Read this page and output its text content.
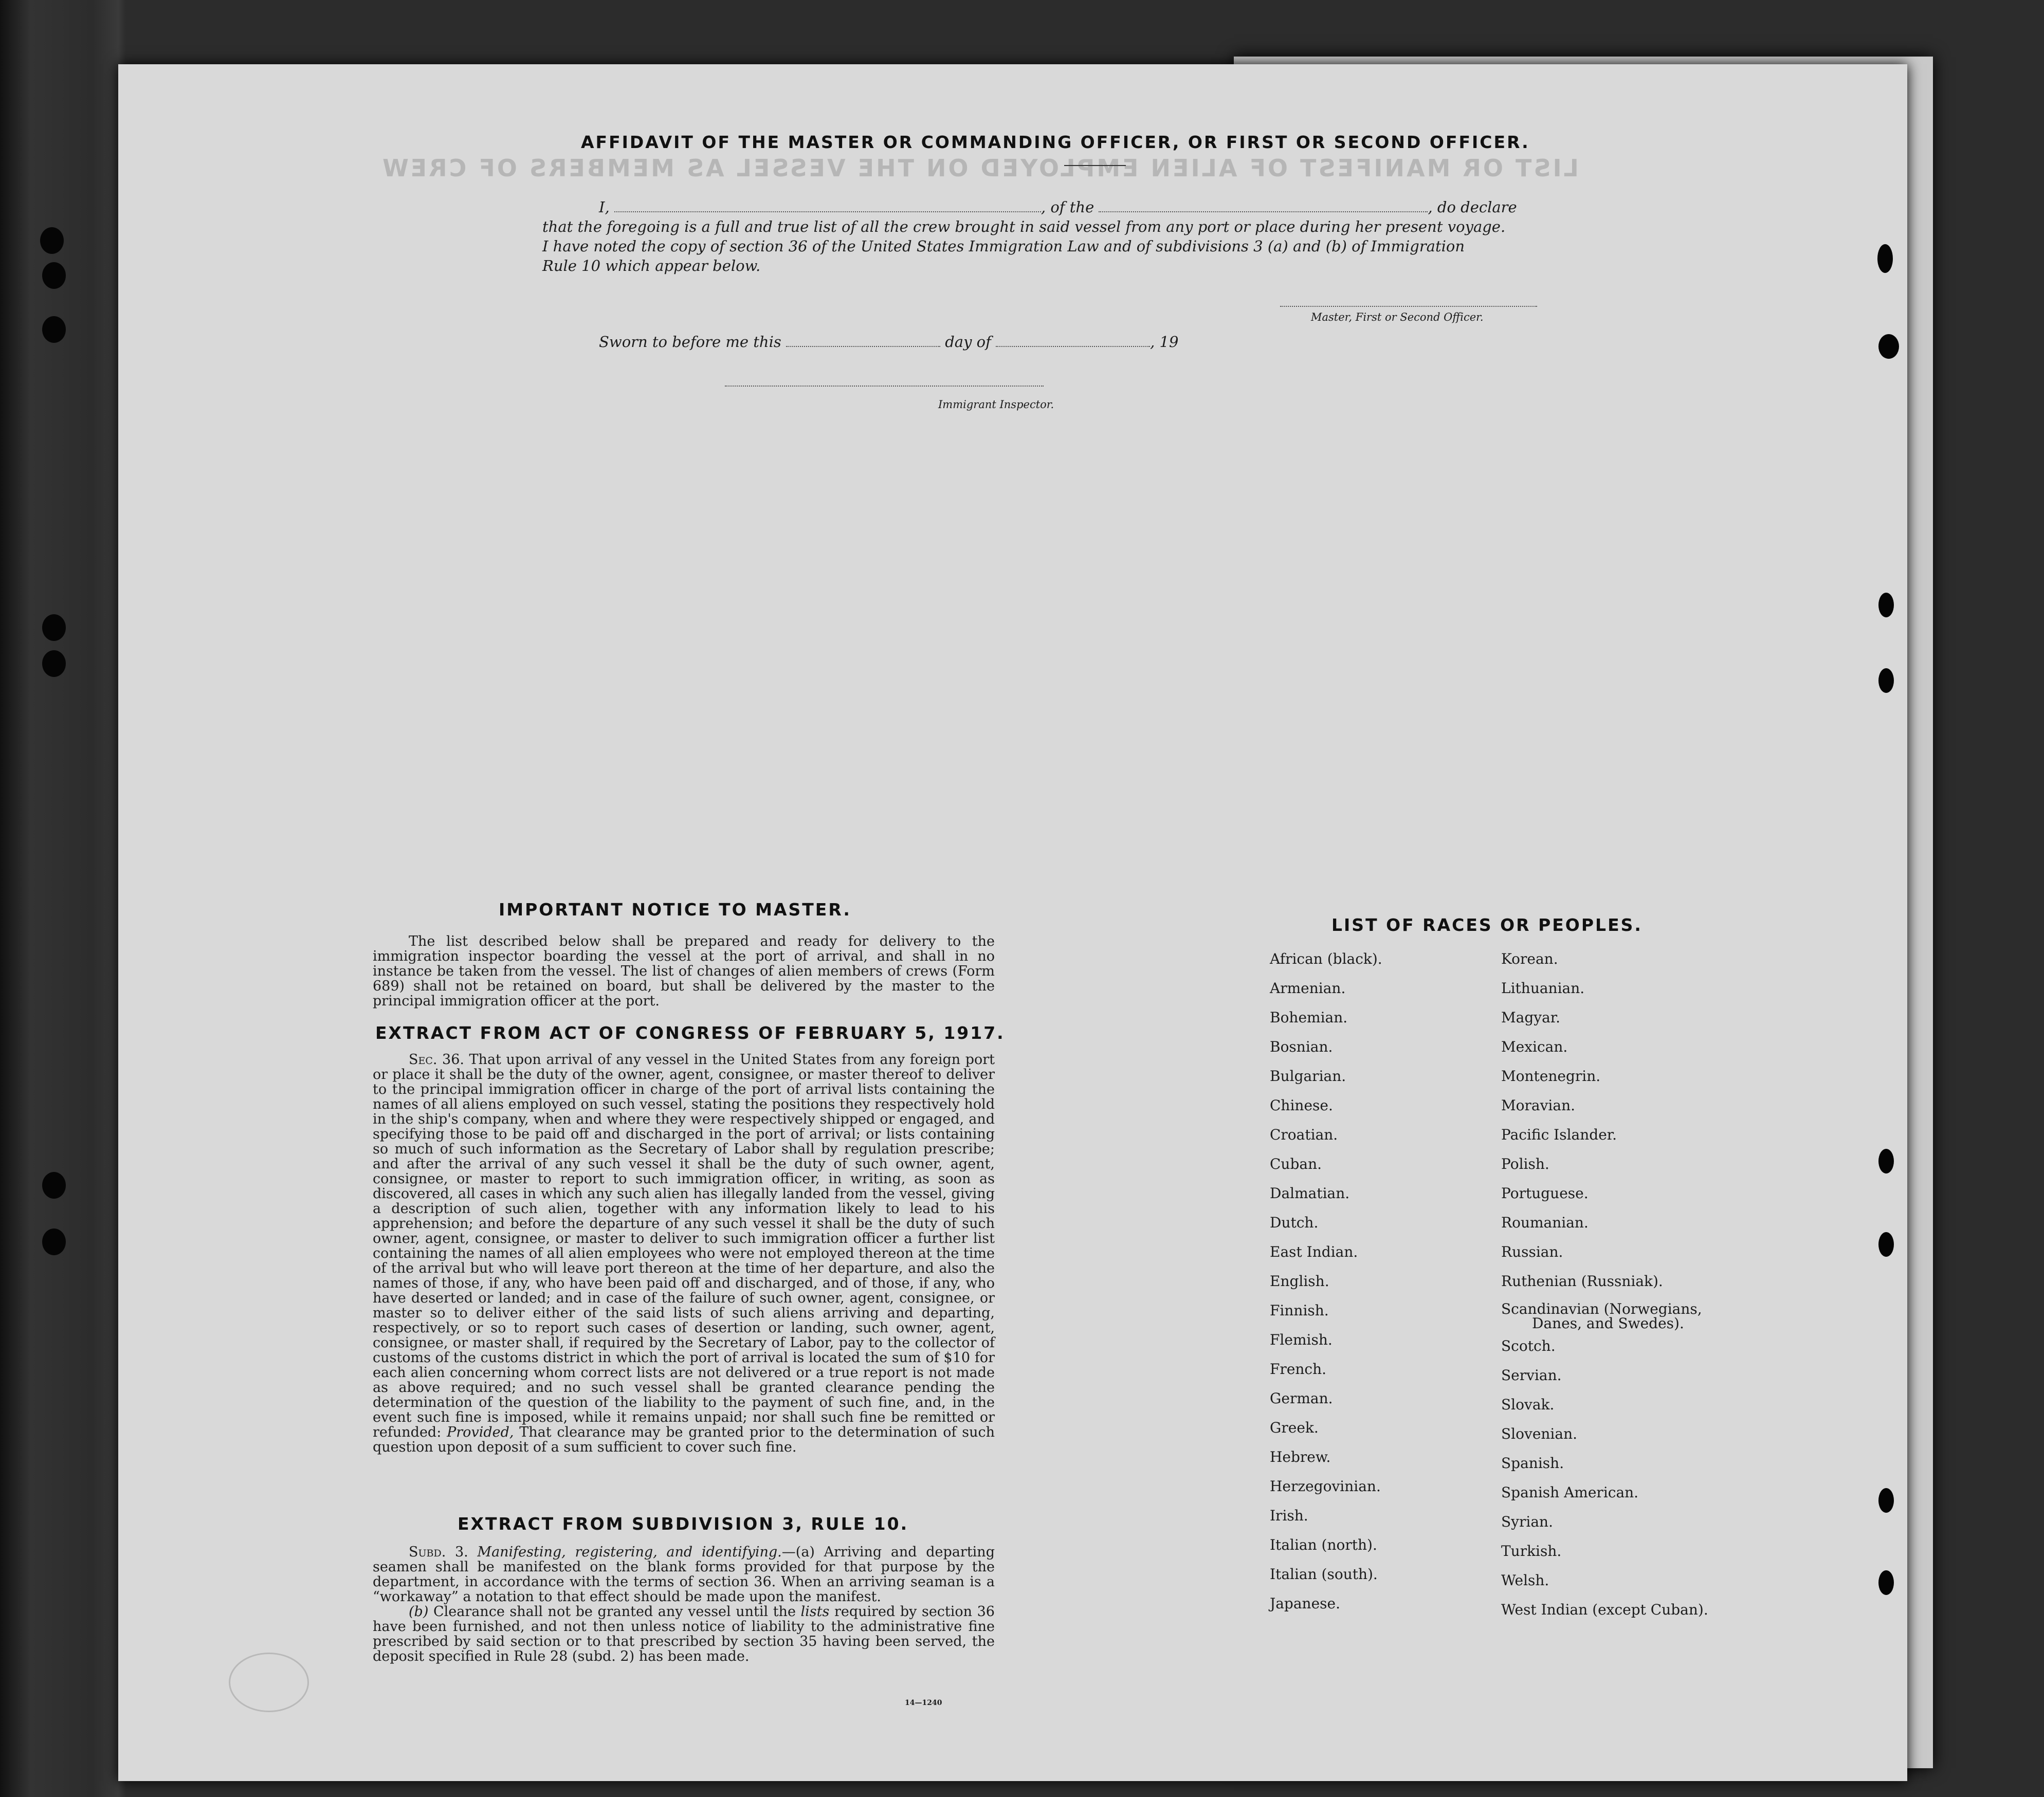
LIST OR MANIFEST OF ALIEN EMPLOYED ON THE VESSEL AS MEMBERS OF CREW
AFFIDAVIT OF THE MASTER OR COMMANDING OFFICER, OR FIRST OR SECOND OFFICER.
I,	, of the	, do declare
that the foregoing is a full and true list of all the crew brought in said vessel from any port or place during her present voyage.
I have noted the copy of section 36 of the United States Immigration Law and of subdivisions 3 (a) and (b) of Immigration
Rule 10 which appear below.
Master, First or Second Officer.
Sworn to before me this	day of	, 19
Immigrant Inspector.
IMPORTANT NOTICE TO MASTER.

The list described below shall be prepared and ready for delivery to the immigration inspector boarding the vessel at the port of arrival, and shall in no instance be taken from the vessel. The list of changes of alien members of crews (Form 689) shall not be retained on board, but shall be delivered by the master to the principal immigration officer at the port.

EXTRACT FROM ACT OF CONGRESS OF FEBRUARY 5, 1917.

Sec. 36. That upon arrival of any vessel in the United States from any foreign port or place it shall be the duty of the owner, agent, consignee, or master thereof to deliver to the principal immigration officer in charge of the port of arrival lists containing the names of all aliens employed on such vessel, stating the positions they respectively hold in the ship's company, when and where they were respectively shipped or engaged, and specifying those to be paid off and discharged in the port of arrival; or lists containing so much of such information as the Secretary of Labor shall by regulation prescribe; and after the arrival of any such vessel it shall be the duty of such owner, agent, consignee, or master to report to such immigration officer, in writing, as soon as discovered, all cases in which any such alien has illegally landed from the vessel, giving a description of such alien, together with any information likely to lead to his apprehension; and before the departure of any such vessel it shall be the duty of such owner, agent, consignee, or master to deliver to such immigration officer a further list containing the names of all alien employees who were not employed thereon at the time of the arrival but who will leave port thereon at the time of her departure, and also the names of those, if any, who have been paid off and discharged, and of those, if any, who have deserted or landed; and in case of the failure of such owner, agent, consignee, or master so to deliver either of the said lists of such aliens arriving and departing, respectively, or so to report such cases of desertion or landing, such owner, agent, consignee, or master shall, if required by the Secretary of Labor, pay to the collector of customs of the customs district in which the port of arrival is located the sum of $10 for each alien concerning whom correct lists are not delivered or a true report is not made as above required; and no such vessel shall be granted clearance pending the determination of the question of the liability to the payment of such fine, and, in the event such fine is imposed, while it remains unpaid; nor shall such fine be remitted or refunded: Provided, That clearance may be granted prior to the determination of such question upon deposit of a sum sufficient to cover such fine.

EXTRACT FROM SUBDIVISION 3, RULE 10.

Subd. 3. Manifesting, registering, and identifying.—(a) Arriving and departing seamen shall be manifested on the blank forms provided for that purpose by the department, in accordance with the terms of section 36. When an arriving seaman is a “workaway” a notation to that effect should be made upon the manifest.

(b) Clearance shall not be granted any vessel until the lists required by section 36 have been furnished, and not then unless notice of liability to the administrative fine prescribed by said section or to that prescribed by section 35 having been served, the deposit specified in Rule 28 (subd. 2) has been made.

14—1240
LIST OF RACES OR PEOPLES.
African (black).
Armenian.
Bohemian.
Bosnian.
Bulgarian.
Chinese.
Croatian.
Cuban.
Dalmatian.
Dutch.
East Indian.
English.
Finnish.
Flemish.
French.
German.
Greek.
Hebrew.
Herzegovinian.
Irish.
Italian (north).
Italian (south).
Japanese.
Korean.
Lithuanian.
Magyar.
Mexican.
Montenegrin.
Moravian.
Pacific Islander.
Polish.
Portuguese.
Roumanian.
Russian.
Ruthenian (Russniak).
Scandinavian (Norwegians,
Danes, and Swedes).
Scotch.
Servian.
Slovak.
Slovenian.
Spanish.
Spanish American.
Syrian.
Turkish.
Welsh.
West Indian (except Cuban).
